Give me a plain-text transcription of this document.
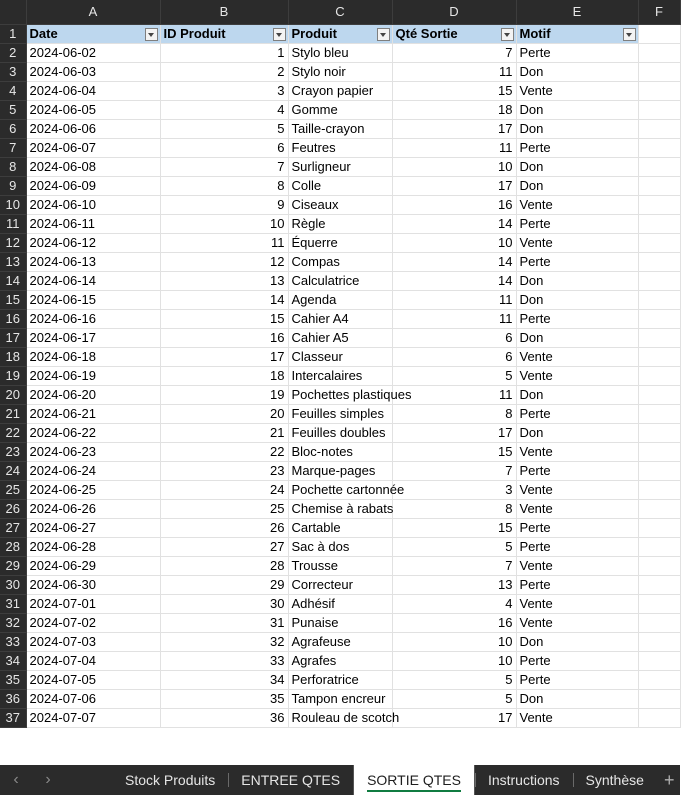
	A	B	C	D	E	F
1	Date	ID Produit	Produit	Qté Sortie	Motif

2	2024-06-02	1	Stylo bleu	7	Perte	
3	2024-06-03	2	Stylo noir	11	Don	
4	2024-06-04	3	Crayon papier	15	Vente	
5	2024-06-05	4	Gomme	18	Don	
6	2024-06-06	5	Taille-crayon	17	Don	
7	2024-06-07	6	Feutres	11	Perte	
8	2024-06-08	7	Surligneur	10	Don	
9	2024-06-09	8	Colle	17	Don	
10	2024-06-10	9	Ciseaux	16	Vente	
11	2024-06-11	10	Règle	14	Perte	
12	2024-06-12	11	Équerre	10	Vente	
13	2024-06-13	12	Compas	14	Perte	
14	2024-06-14	13	Calculatrice	14	Don	
15	2024-06-15	14	Agenda	11	Don	
16	2024-06-16	15	Cahier A4	11	Perte	
17	2024-06-17	16	Cahier A5	6	Don	
18	2024-06-18	17	Classeur	6	Vente	
19	2024-06-19	18	Intercalaires	5	Vente	
20	2024-06-20	19	Pochettes plastiques	11	Don	
21	2024-06-21	20	Feuilles simples	8	Perte	
22	2024-06-22	21	Feuilles doubles	17	Don	
23	2024-06-23	22	Bloc-notes	15	Vente	
24	2024-06-24	23	Marque-pages	7	Perte	
25	2024-06-25	24	Pochette cartonnée	3	Vente	
26	2024-06-26	25	Chemise à rabats	8	Vente	
27	2024-06-27	26	Cartable	15	Perte	
28	2024-06-28	27	Sac à dos	5	Perte	
29	2024-06-29	28	Trousse	7	Vente	
30	2024-06-30	29	Correcteur	13	Perte	
31	2024-07-01	30	Adhésif	4	Vente	
32	2024-07-02	31	Punaise	16	Vente	
33	2024-07-03	32	Agrafeuse	10	Don	
34	2024-07-04	33	Agrafes	10	Perte	
35	2024-07-05	34	Perforatrice	5	Perte	
36	2024-07-06	35	Tampon encreur	5	Don	
37	2024-07-07	36	Rouleau de scotch	17	Vente	
‹	›	Stock Produits	ENTREE QTES	SORTIE QTES	Instructions	Synthèse	+
